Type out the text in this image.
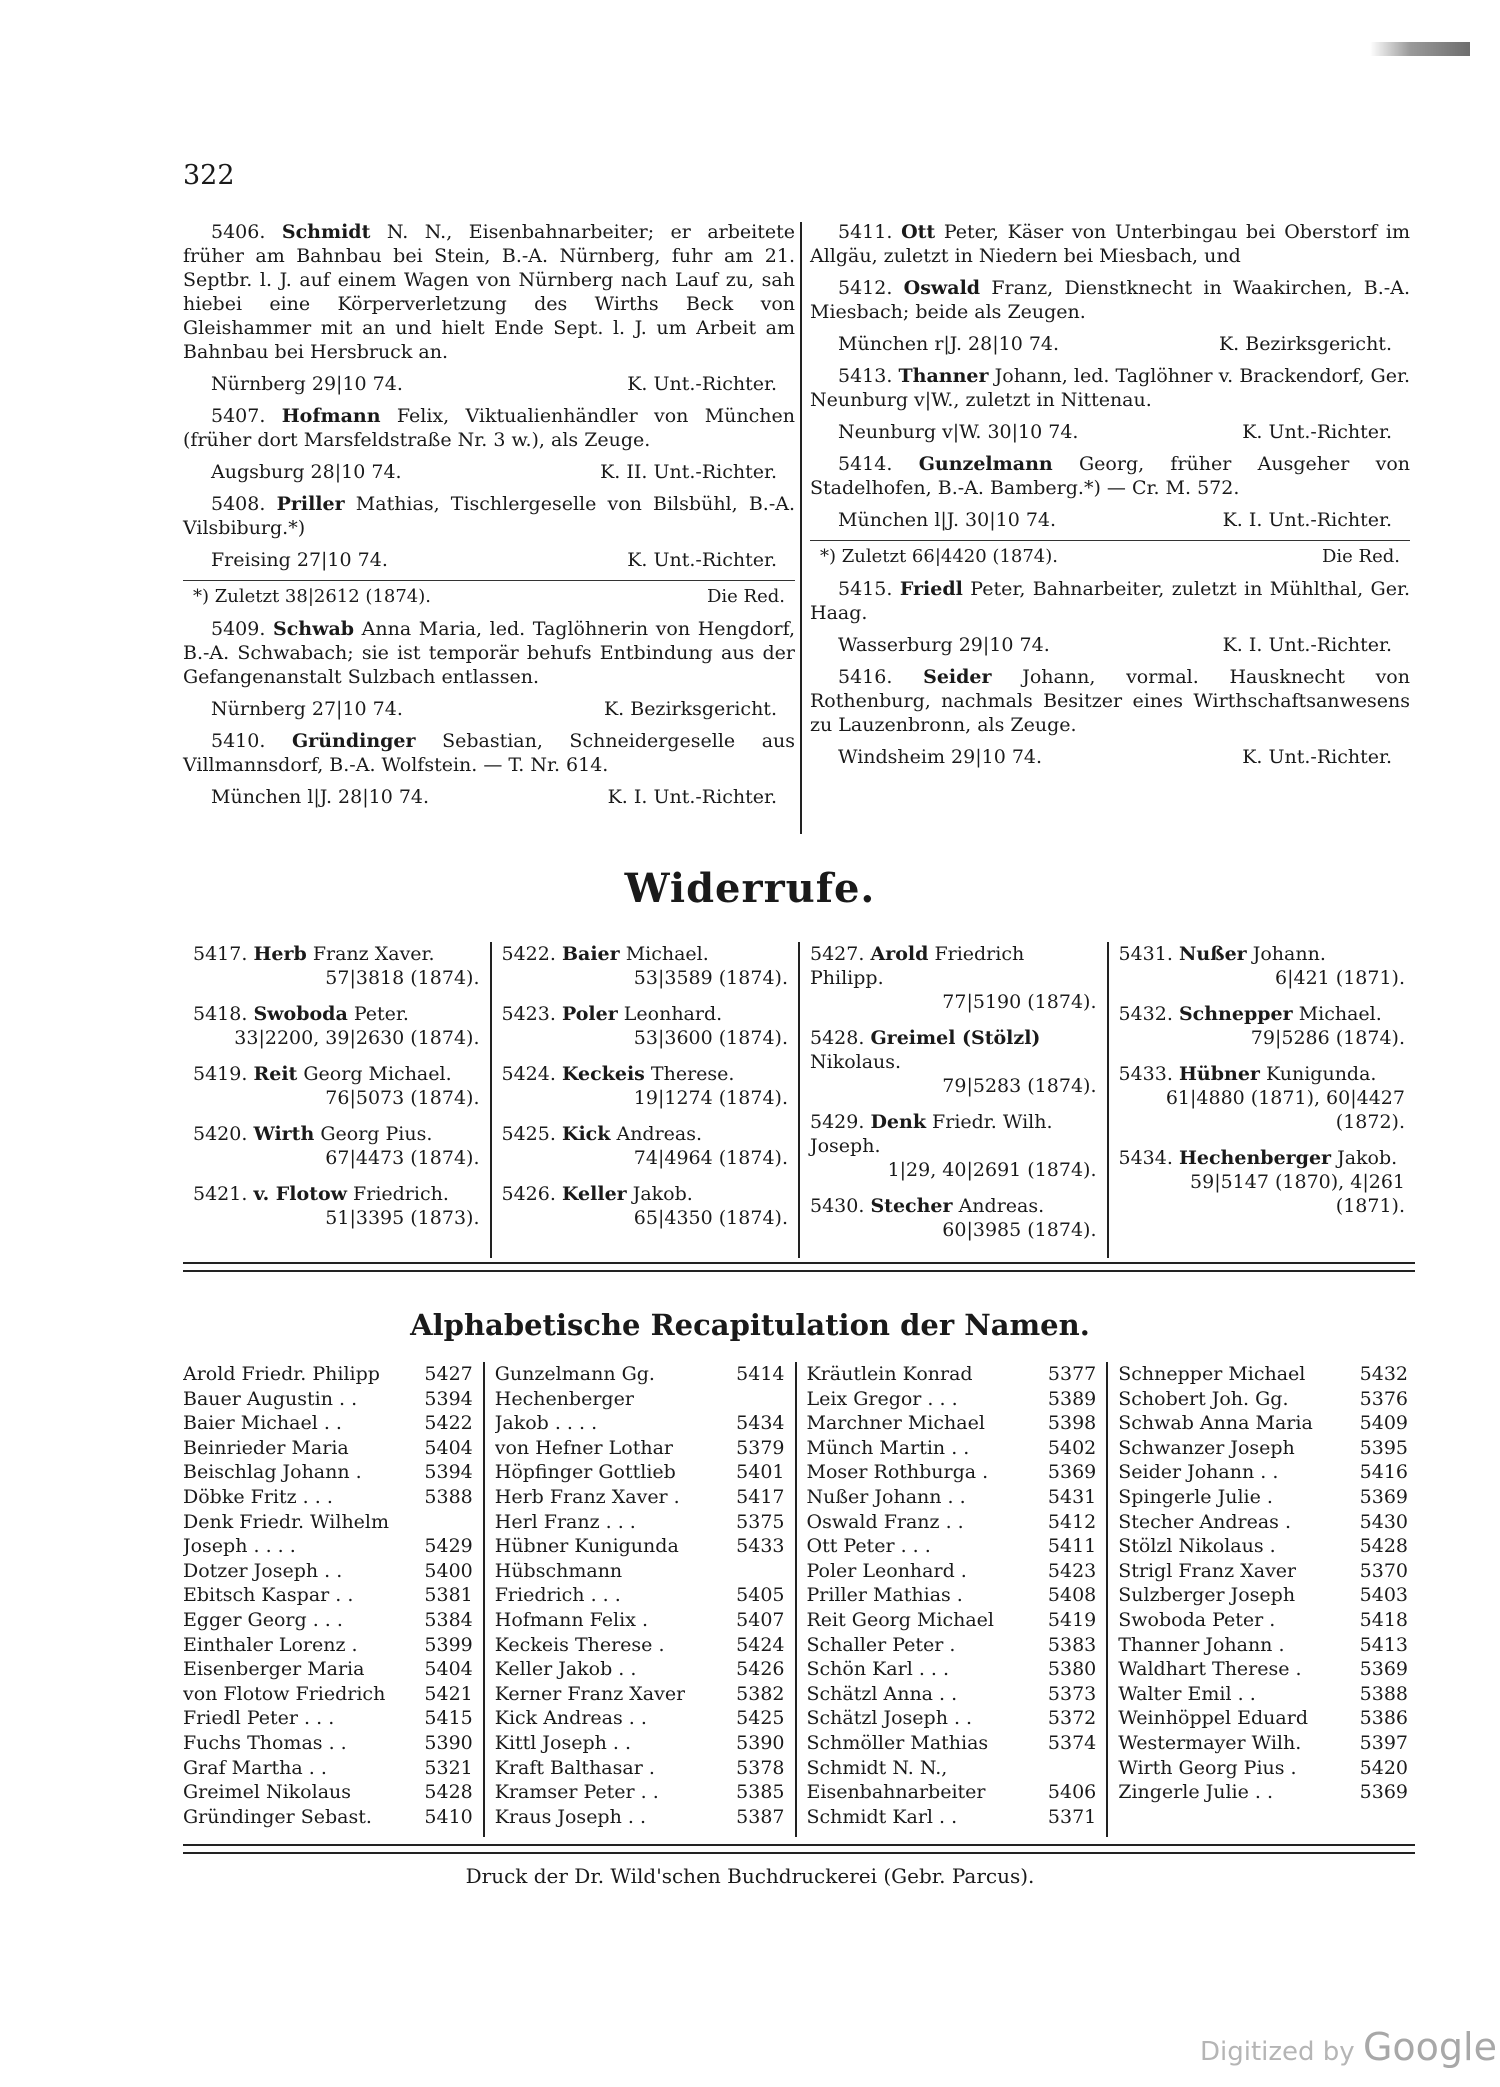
322

5406. Schmidt N. N., Eisenbahnarbeiter; er arbeitete früher am Bahnbau bei Stein, B.-A. Nürnberg, fuhr am 21. Septbr. l. J. auf einem Wagen von Nürnberg nach Lauf zu, sah hiebei eine Körperverletzung des Wirths Beck von Gleishammer mit an und hielt Ende Sept. l. J. um Arbeit am Bahnbau bei Hersbruck an.

Nürnberg 29|10 74.	K. Unt.-Richter.

5407. Hofmann Felix, Viktualienhändler von München (früher dort Marsfeldstraße Nr. 3 w.), als Zeuge.

Augsburg 28|10 74.	K. II. Unt.-Richter.

5408. Priller Mathias, Tischlergeselle von Bilsbühl, B.-A. Vilsbiburg.*)

Freising 27|10 74.	K. Unt.-Richter.
*) Zuletzt 38|2612 (1874).	Die Red.

5409. Schwab Anna Maria, led. Taglöhnerin von Hengdorf, B.-A. Schwabach; sie ist temporär behufs Entbindung aus der Gefangenanstalt Sulzbach entlassen.

Nürnberg 27|10 74.	K. Bezirksgericht.

5410. Gründinger Sebastian, Schneidergeselle aus Villmannsdorf, B.-A. Wolfstein. — T. Nr. 614.

München l|J. 28|10 74.	K. I. Unt.-Richter.

5411. Ott Peter, Käser von Unterbingau bei Oberstorf im Allgäu, zuletzt in Niedern bei Miesbach, und

5412. Oswald Franz, Dienstknecht in Waakirchen, B.-A. Miesbach; beide als Zeugen.

München r|J. 28|10 74.	K. Bezirksgericht.

5413. Thanner Johann, led. Taglöhner v. Brackendorf, Ger. Neunburg v|W., zuletzt in Nittenau.

Neunburg v|W. 30|10 74.	K. Unt.-Richter.

5414. Gunzelmann Georg, früher Ausgeher von Stadelhofen, B.-A. Bamberg.*) — Cr. M. 572.

München l|J. 30|10 74.	K. I. Unt.-Richter.
*) Zuletzt 66|4420 (1874).	Die Red.

5415. Friedl Peter, Bahnarbeiter, zuletzt in Mühlthal, Ger. Haag.

Wasserburg 29|10 74.	K. I. Unt.-Richter.

5416. Seider Johann, vormal. Hausknecht von Rothenburg, nachmals Besitzer eines Wirthschaftsanwesens zu Lauzenbronn, als Zeuge.

Windsheim 29|10 74.	K. Unt.-Richter.
Widerrufe.
5417. Herb Franz Xaver.
57|3818 (1874).
5418. Swoboda Peter.
33|2200, 39|2630 (1874).
5419. Reit Georg Michael.
76|5073 (1874).
5420. Wirth Georg Pius.
67|4473 (1874).
5421. v. Flotow Friedrich.
51|3395 (1873).
5422. Baier Michael.
53|3589 (1874).
5423. Poler Leonhard.
53|3600 (1874).
5424. Keckeis Therese.
19|1274 (1874).
5425. Kick Andreas.
74|4964 (1874).
5426. Keller Jakob.
65|4350 (1874).
5427. Arold Friedrich Philipp.
77|5190 (1874).
5428. Greimel (Stölzl) Nikolaus.
79|5283 (1874).
5429. Denk Friedr. Wilh. Joseph.
1|29, 40|2691 (1874).
5430. Stecher Andreas.
60|3985 (1874).
5431. Nußer Johann.
6|421 (1871).
5432. Schnepper Michael.
79|5286 (1874).
5433. Hübner Kunigunda.
61|4880 (1871), 60|4427 (1872).
5434. Hechenberger Jakob.
59|5147 (1870), 4|261 (1871).
Alphabetische Recapitulation der Namen.
Arold Friedr. Philipp 5427
Bauer Augustin . .	5394
Baier Michael . .	5422
Beinrieder Maria	5404
Beischlag Johann .	5394
Döbke Fritz . . .	5388
Denk Friedr. Wilhelm
Joseph . . . .	5429
Dotzer Joseph . .	5400
Ebitsch Kaspar . .	5381
Egger Georg . . .	5384
Einthaler Lorenz .	5399
Eisenberger Maria	5404
von Flotow Friedrich 5421
Friedl Peter . . .	5415
Fuchs Thomas . .	5390
Graf Martha . .	5321
Greimel Nikolaus	5428
Gründinger Sebast.	5410
Gunzelmann Gg.	5414
Hechenberger
Jakob . . . .	5434
von Hefner Lothar	5379
Höpfinger Gottlieb	5401
Herb Franz Xaver .	5417
Herl Franz . . .	5375
Hübner Kunigunda	5433
Hübschmann
Friedrich . . .	5405
Hofmann Felix .	5407
Keckeis Therese .	5424
Keller Jakob . .	5426
Kerner Franz Xaver	5382
Kick Andreas . .	5425
Kittl Joseph . .	5390
Kraft Balthasar .	5378
Kramser Peter . .	5385
Kraus Joseph . .	5387
Kräutlein Konrad	5377
Leix Gregor . . .	5389
Marchner Michael	5398
Münch Martin . .	5402
Moser Rothburga .	5369
Nußer Johann . .	5431
Oswald Franz . .	5412
Ott Peter . . .	5411
Poler Leonhard .	5423
Priller Mathias .	5408
Reit Georg Michael	5419
Schaller Peter .	5383
Schön Karl . . .	5380
Schätzl Anna . .	5373
Schätzl Joseph . .	5372
Schmöller Mathias	5374
Schmidt N. N.,
Eisenbahnarbeiter	5406
Schmidt Karl . .	5371
Schnepper Michael	5432
Schobert Joh. Gg.	5376
Schwab Anna Maria 5409
Schwanzer Joseph	5395
Seider Johann . .	5416
Spingerle Julie .	5369
Stecher Andreas .	5430
Stölzl Nikolaus .	5428
Strigl Franz Xaver	5370
Sulzberger Joseph	5403
Swoboda Peter .	5418
Thanner Johann .	5413
Waldhart Therese .	5369
Walter Emil . .	5388
Weinhöppel Eduard	5386
Westermayer Wilh.	5397
Wirth Georg Pius .	5420
Zingerle Julie . .	5369
Druck der Dr. Wild'schen Buchdruckerei (Gebr. Parcus).
Digitized by Google
